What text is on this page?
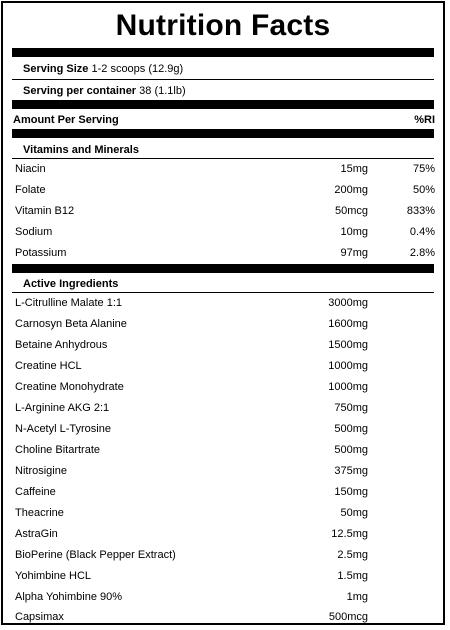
Nutrition Facts
Serving Size 1-2 scoops (12.9g)
Serving per container 38 (1.1lb)
Amount Per Serving	%RI
Vitamins and Minerals
Niacin	15mg	75%
Folate	200mg	50%
Vitamin B12	50mcg	833%
Sodium	10mg	0.4%
Potassium	97mg	2.8%
Active Ingredients
L-Citrulline Malate 1:1	3000mg
Carnosyn Beta Alanine	1600mg
Betaine Anhydrous	1500mg
Creatine HCL	1000mg
Creatine Monohydrate	1000mg
L-Arginine AKG 2:1	750mg
N-Acetyl L-Tyrosine	500mg
Choline Bitartrate	500mg
Nitrosigine	375mg
Caffeine	150mg
Theacrine	50mg
AstraGin	12.5mg
BioPerine (Black Pepper Extract)	2.5mg
Yohimbine HCL	1.5mg
Alpha Yohimbine 90%	1mg
Capsimax	500mcg
